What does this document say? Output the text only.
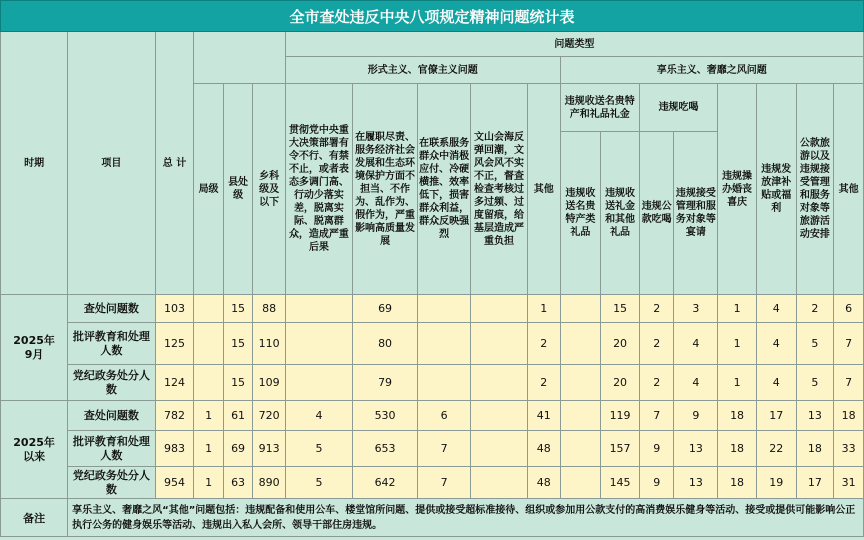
全市查处违反中央八项规定精神问题统计表																		
时期	项目	总 计				问题类型												
						形式主义、官僚主义问题					享乐主义、奢靡之风问题							
			局级	县处级	乡科级及以下	贯彻党中央重大决策部署有令不行、有禁不止，或者表态多调门高、行动少落实差，脱离实际、脱离群众，造成严重后果	在履职尽责、服务经济社会发展和生态环境保护方面不担当、不作为、乱作为、假作为，严重影响高质量发展	在联系服务群众中消极应付、冷硬横推、效率低下，损害群众利益，群众反映强烈	文山会海反弹回潮，文风会风不实不正，督查检查考核过多过频、过度留痕，给基层造成严重负担	其他	违规收送名贵特产和礼品礼金		违规吃喝		违规操办婚丧喜庆	违规发放津补贴或福利	公款旅游以及违规接受管理和服务对象等旅游活动安排	其他
											违规收送名贵特产类礼品	违规收送礼金和其他礼品	违规公款吃喝	违规接受管理和服务对象等宴请				
2025年
9月	查处问题数	103		15	88		69			1		15	2	3	1	4	2	6
	批评教育和处理人数	125		15	110		80			2		20	2	4	1	4	5	7
	党纪政务处分人数	124		15	109		79			2		20	2	4	1	4	5	7
2025年
以来	查处问题数	782	1	61	720	4	530	6		41		119	7	9	18	17	13	18
	批评教育和处理人数	983	1	69	913	5	653	7		48		157	9	13	18	22	18	33
	党纪政务处分人数	954	1	63	890	5	642	7		48		145	9	13	18	19	17	31
备注	享乐主义、奢靡之风“其他”问题包括：违规配备和使用公车、楼堂馆所问题、提供或接受超标准接待、组织或参加用公款支付的高消费娱乐健身等活动、接受或提供可能影响公正执行公务的健身娱乐等活动、违规出入私人会所、领导干部住房违规。																	
